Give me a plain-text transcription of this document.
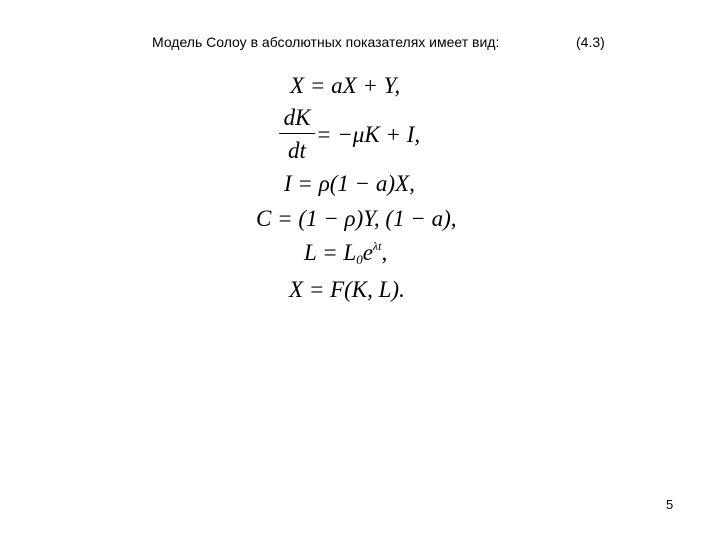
Модель Солоу в абсолютных показателях имеет вид:	(4.3)
X = aX + Y,
dK
dt
= −μK + I,
I = ρ(1 − a)X,
C = (1 − ρ)Y, (1 − a),
$L = L_0e^{\lambda t}$,
X = F(K, L).
5
